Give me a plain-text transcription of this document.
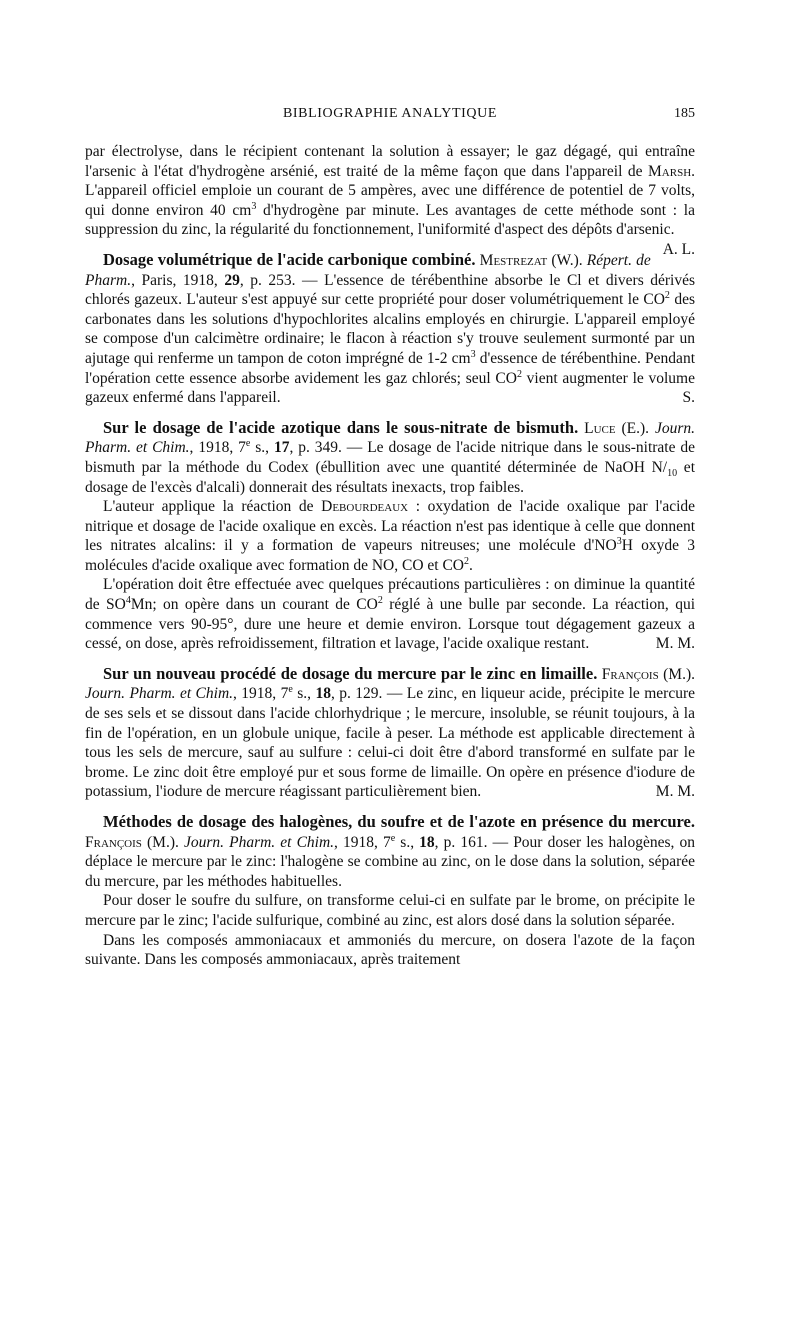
BIBLIOGRAPHIE ANALYTIQUE	185

par électrolyse, dans le récipient contenant la solution à essayer; le gaz dégagé, qui entraîne l'arsenic à l'état d'hydrogène arsénié, est traité de la même façon que dans l'appareil de Marsh. L'appareil officiel emploie un courant de 5 ampères, avec une différence de potentiel de 7 volts, qui donne environ 40 $cm^3$ d'hydrogène par minute. Les avantages de cette méthode sont : la suppression du zinc, la régularité du fonctionnement, l'uniformité d'aspect des dépôts d'arsenic.
A. L.

Dosage volumétrique de l'acide carbonique combiné. Mestrezat (W.). Répert. de Pharm., Paris, 1918, 29, p. 253. — L'essence de térébenthine absorbe le Cl et divers dérivés chlorés gazeux. L'auteur s'est appuyé sur cette propriété pour doser volumétriquement le $CO^2$ des carbonates dans les solutions d'hypochlorites alcalins employés en chirurgie. L'appareil employé se compose d'un calcimètre ordinaire; le flacon à réaction s'y trouve seulement surmonté par un ajutage qui renferme un tampon de coton imprégné de 1-2 $cm^3$ d'essence de térébenthine. Pendant l'opération cette essence absorbe avidement les gaz chlorés; seul $CO^2$ vient augmenter le volume gazeux enfermé dans l'appareil.	S.

Sur le dosage de l'acide azotique dans le sous-nitrate de bismuth. Luce (E.). Journ. Pharm. et Chim., 1918, 7e s., 17, p. 349. — Le dosage de l'acide nitrique dans le sous-nitrate de bismuth par la méthode du Codex (ébullition avec une quantité déterminée de NaOH $N/_{10}$ et dosage de l'excès d'alcali) donnerait des résultats inexacts, trop faibles.

L'auteur applique la réaction de Debourdeaux : oxydation de l'acide oxalique par l'acide nitrique et dosage de l'acide oxalique en excès. La réaction n'est pas identique à celle que donnent les nitrates alcalins: il y a formation de vapeurs nitreuses; une molécule $d'NO^3H$ oxyde 3 molécules d'acide oxalique avec formation de NO, CO et $CO^2$.

L'opération doit être effectuée avec quelques précautions particulières : on diminue la quantité de $SO^4Mn$; on opère dans un courant de $CO^2$ réglé à une bulle par seconde. La réaction, qui commence vers 90-95°, dure une heure et demie environ. Lorsque tout dégagement gazeux a cessé, on dose, après refroidissement, filtration et lavage, l'acide oxalique restant.	M. M.

Sur un nouveau procédé de dosage du mercure par le zinc en limaille. François (M.). Journ. Pharm. et Chim., 1918, 7e s., 18, p. 129. — Le zinc, en liqueur acide, précipite le mercure de ses sels et se dissout dans l'acide chlorhydrique ; le mercure, insoluble, se réunit toujours, à la fin de l'opération, en un globule unique, facile à peser. La méthode est applicable directement à tous les sels de mercure, sauf au sulfure : celui-ci doit être d'abord transformé en sulfate par le brome. Le zinc doit être employé pur et sous forme de limaille. On opère en présence d'iodure de potassium, l'iodure de mercure réagissant particulièrement bien.	M. M.

Méthodes de dosage des halogènes, du soufre et de l'azote en présence du mercure. François (M.). Journ. Pharm. et Chim., 1918, 7e s., 18, p. 161. — Pour doser les halogènes, on déplace le mercure par le zinc: l'halogène se combine au zinc, on le dose dans la solution, séparée du mercure, par les méthodes habituelles.

Pour doser le soufre du sulfure, on transforme celui-ci en sulfate par le brome, on précipite le mercure par le zinc; l'acide sulfurique, combiné au zinc, est alors dosé dans la solution séparée.

Dans les composés ammoniacaux et ammoniés du mercure, on dosera l'azote de la façon suivante. Dans les composés ammoniacaux, après traitement
